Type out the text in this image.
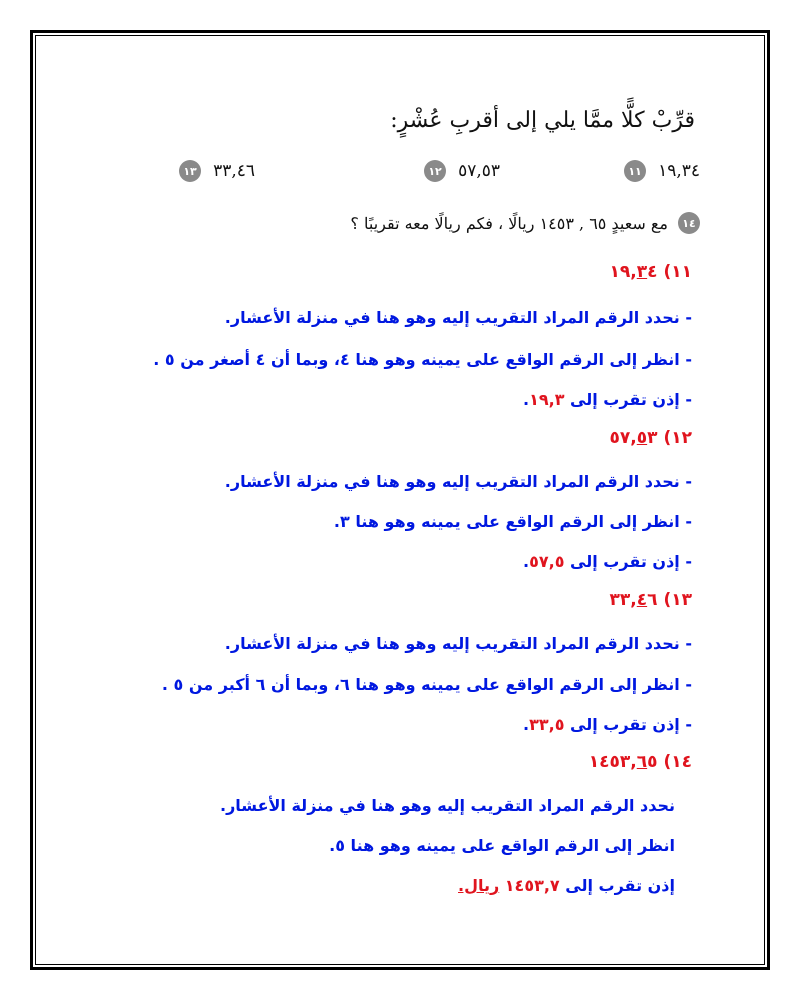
قرِّبْ كلًّا ممَّا يلي إلى أقربِ عُشْرٍ:
١١ ١٩,٣٤
١٢ ٥٧,٥٣
١٣ ٣٣,٤٦
١٤
مع سعيدٍ ٦٥ , ١٤٥٣ ريالًا ، فكم ريالًا معه تقريبًا ؟
١١) ١٩,٣٤
- نحدد الرقم المراد التقريب إليه وهو هنا في منزلة الأعشار.
- انظر إلى الرقم الواقع على يمينه وهو هنا ٤، وبما أن ٤ أصغر من ٥ .
- إذن تقرب إلى ١٩,٣.
١٢) ٥٧,٥٣
- نحدد الرقم المراد التقريب إليه وهو هنا في منزلة الأعشار.
- انظر إلى الرقم الواقع على يمينه وهو هنا ٣.
- إذن تقرب إلى ٥٧,٥.
١٣) ٣٣,٤٦
- نحدد الرقم المراد التقريب إليه وهو هنا في منزلة الأعشار.
- انظر إلى الرقم الواقع على يمينه وهو هنا ٦، وبما أن ٦ أكبر من ٥ .
- إذن تقرب إلى ٣٣,٥.
١٤) ١٤٥٣,٦٥
نحدد الرقم المراد التقريب إليه وهو هنا في منزلة الأعشار.
انظر إلى الرقم الواقع على يمينه وهو هنا ٥.
إذن تقرب إلى ١٤٥٣,٧ ريال.
